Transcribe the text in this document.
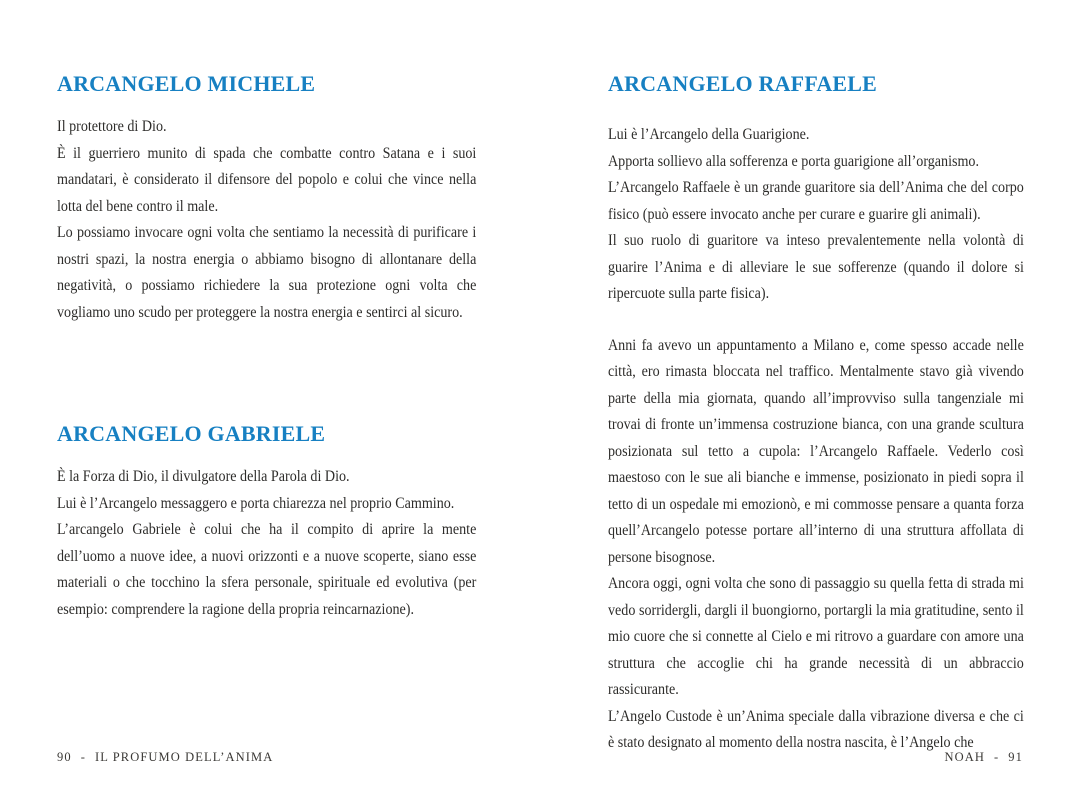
ARCANGELO MICHELE

Il protettore di Dio.

È il guerriero munito di spada che combatte contro Satana e i suoi mandatari, è considerato il difensore del popolo e colui che vince nella lotta del bene contro il male.

Lo possiamo invocare ogni volta che sentiamo la necessità di purificare i nostri spazi, la nostra energia o abbiamo bisogno di allontanare della negatività, o possiamo richiedere la sua protezione ogni volta che vogliamo uno scudo per proteggere la nostra energia e sentirci al sicuro.

ARCANGELO GABRIELE

È la Forza di Dio, il divulgatore della Parola di Dio.

Lui è l’Arcangelo messaggero e porta chiarezza nel proprio Cammino.

L’arcangelo Gabriele è colui che ha il compito di aprire la mente dell’uomo a nuove idee, a nuovi orizzonti e a nuove scoperte, siano esse materiali o che tocchino la sfera personale, spirituale ed evolutiva (per esempio: comprendere la ragione della propria reincarnazione).

ARCANGELO RAFFAELE

Lui è l’Arcangelo della Guarigione.

Apporta sollievo alla sofferenza e porta guarigione all’organismo.

L’Arcangelo Raffaele è un grande guaritore sia dell’Anima che del corpo fisico (può essere invocato anche per curare e guarire gli animali).

Il suo ruolo di guaritore va inteso prevalentemente nella volontà di guarire l’Anima e di alleviare le sue sofferenze (quando il dolore si ripercuote sulla parte fisica).

Anni fa avevo un appuntamento a Milano e, come spesso accade nelle città, ero rimasta bloccata nel traffico. Mentalmente stavo già vivendo parte della mia giornata, quando all’improvviso sulla tangenziale mi trovai di fronte un’immensa costruzione bianca, con una grande scultura posizionata sul tetto a cupola: l’Arcangelo Raffaele. Vederlo così maestoso con le sue ali bianche e immense, posizionato in piedi sopra il tetto di un ospedale mi emozionò, e mi commosse pensare a quanta forza quell’Arcangelo potesse portare all’interno di una struttura affollata di persone bisognose.

Ancora oggi, ogni volta che sono di passaggio su quella fetta di strada mi vedo sorridergli, dargli il buongiorno, portargli la mia gratitudine, sento il mio cuore che si connette al Cielo e mi ritrovo a guardare con amore una struttura che accoglie chi ha grande necessità di un abbraccio rassicurante.

L’Angelo Custode è un’Anima speciale dalla vibrazione diversa e che ci è stato designato al momento della nostra nascita, è l’Angelo che

90 - IL PROFUMO DELL’ANIMA	NOAH - 91
